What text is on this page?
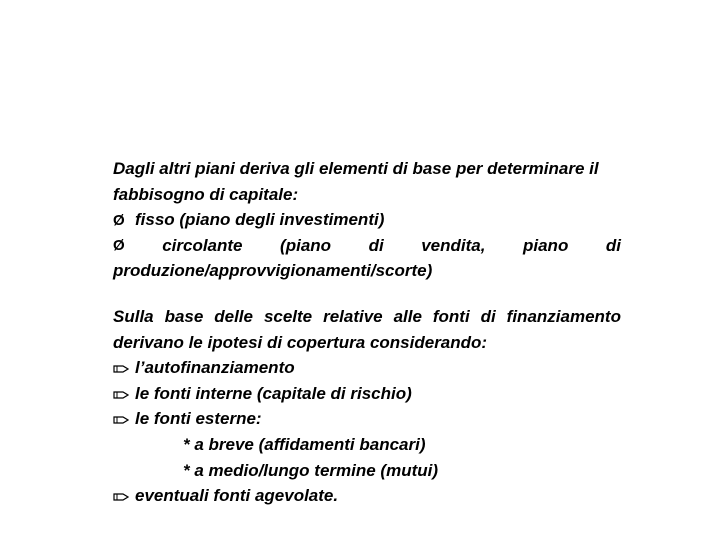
Dagli altri piani deriva gli elementi di base per determinare il
fabbisogno di capitale:
Ø fisso (piano degli investimenti)
Ø circolante (piano di vendita, piano di
produzione/approvvigionamenti/scorte)
Sulla base delle scelte relative alle fonti di finanziamento
derivano le ipotesi di copertura considerando:
l’autofinanziamento
le fonti interne (capitale di rischio)
le fonti esterne:
* a breve (affidamenti bancari)
* a medio/lungo termine (mutui)
eventuali fonti agevolate.
